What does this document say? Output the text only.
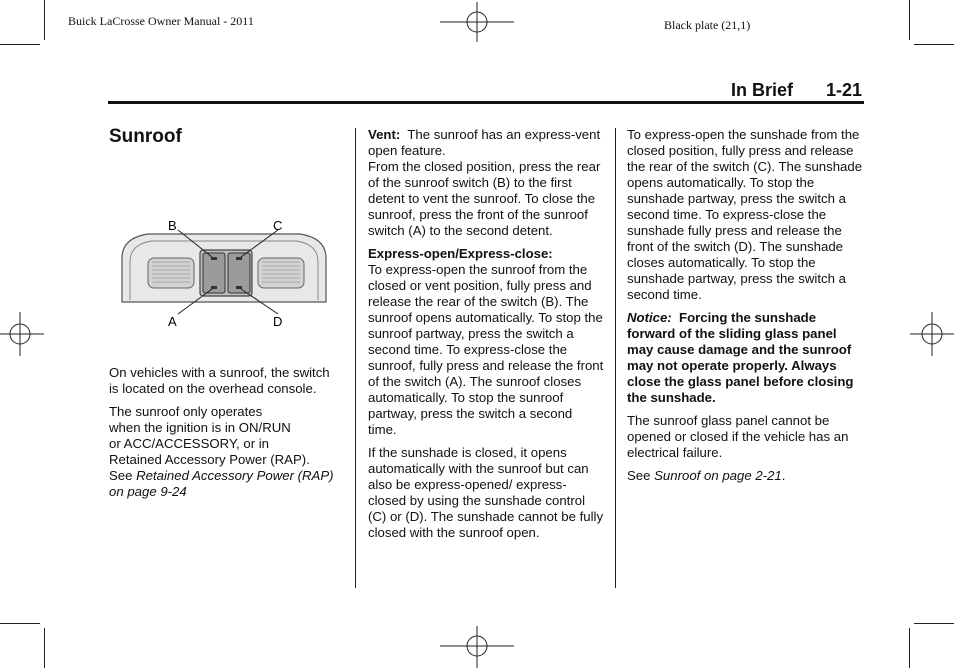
Buick LaCrosse Owner Manual - 2011	Black plate (21,1)
In Brief 1-21
Sunroof
B	C
A	D

On vehicles with a sunroof, the switch is located on the overhead console.

The sunroof only operates
when the ignition is in ON/RUN
or ACC/ACCESSORY, or in
Retained Accessory Power (RAP).
See Retained Accessory Power (RAP) on page 9-24

Vent: The sunroof has an express-vent open feature.

From the closed position, press the rear of the sunroof switch (B) to the first detent to vent the sunroof. To close the sunroof, press the front of the sunroof switch (A) to the second detent.

Express-open/Express-close:

To express-open the sunroof from the closed or vent position, fully press and release the rear of the switch (B). The sunroof opens automatically. To stop the sunroof partway, press the switch a second time. To express-close the sunroof, fully press and release the front of the switch (A). The sunroof closes automatically. To stop the sunroof partway, press the switch a second time.

If the sunshade is closed, it opens automatically with the sunroof but can also be express-opened/ express-closed by using the sunshade control (C) or (D). The sunshade cannot be fully closed with the sunroof open.

To express-open the sunshade from the closed position, fully press and release the rear of the switch (C). The sunshade opens automatically. To stop the sunshade partway, press the switch a second time. To express-close the sunshade fully press and release the front of the switch (D). The sunshade closes automatically. To stop the sunshade partway, press the switch a second time.

Notice: Forcing the sunshade forward of the sliding glass panel may cause damage and the sunroof may not operate properly. Always close the glass panel before closing the sunshade.

The sunroof glass panel cannot be opened or closed if the vehicle has an electrical failure.

See Sunroof on page 2-21.
